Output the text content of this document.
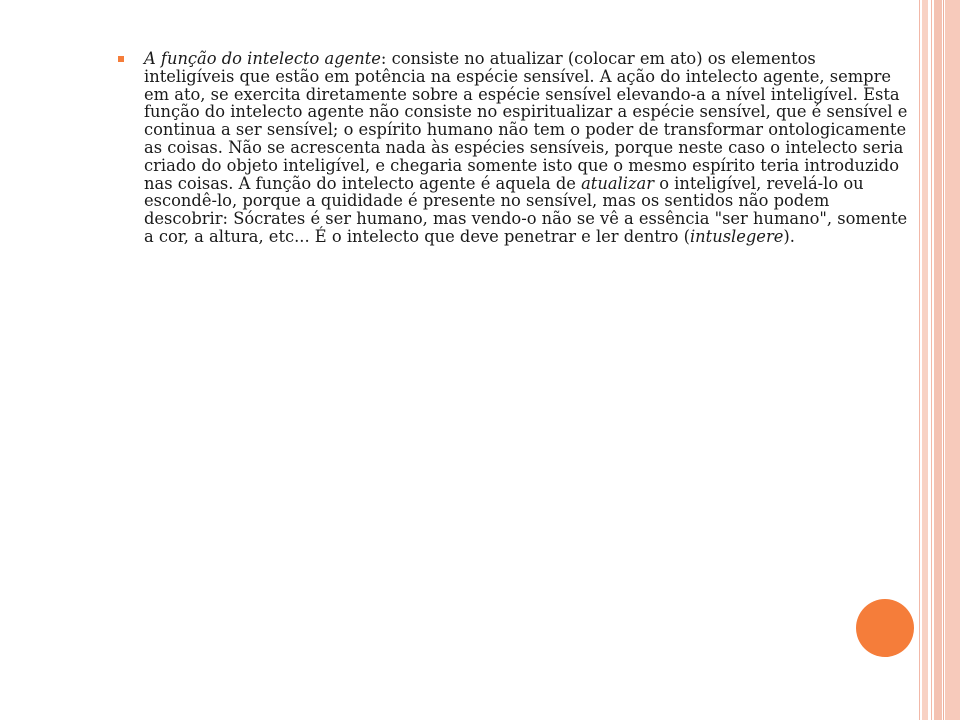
A função do intelecto agente: consiste no atualizar (colocar em ato) os elementos inteligíveis que estão em potência na espécie sensível. A ação do intelecto agente, sempre em ato, se exercita diretamente sobre a espécie sensível elevando-a a nível inteligível. Esta função do intelecto agente não consiste no espiritualizar a espécie sensível, que é sensível e continua a ser sensível; o espírito humano não tem o poder de transformar ontologicamente as coisas. Não se acrescenta nada às espécies sensíveis, porque neste caso o intelecto seria criado do objeto inteligível, e chegaria somente isto que o mesmo espírito teria introduzido nas coisas. A função do intelecto agente é aquela de atualizar o inteligível, revelá-lo ou escondê-lo, porque a quididade é presente no sensível, mas os sentidos não podem descobrir: Sócrates é ser humano, mas vendo-o não se vê a essência "ser humano", somente a cor, a altura, etc... É o intelecto que deve penetrar e ler dentro (intuslegere).
